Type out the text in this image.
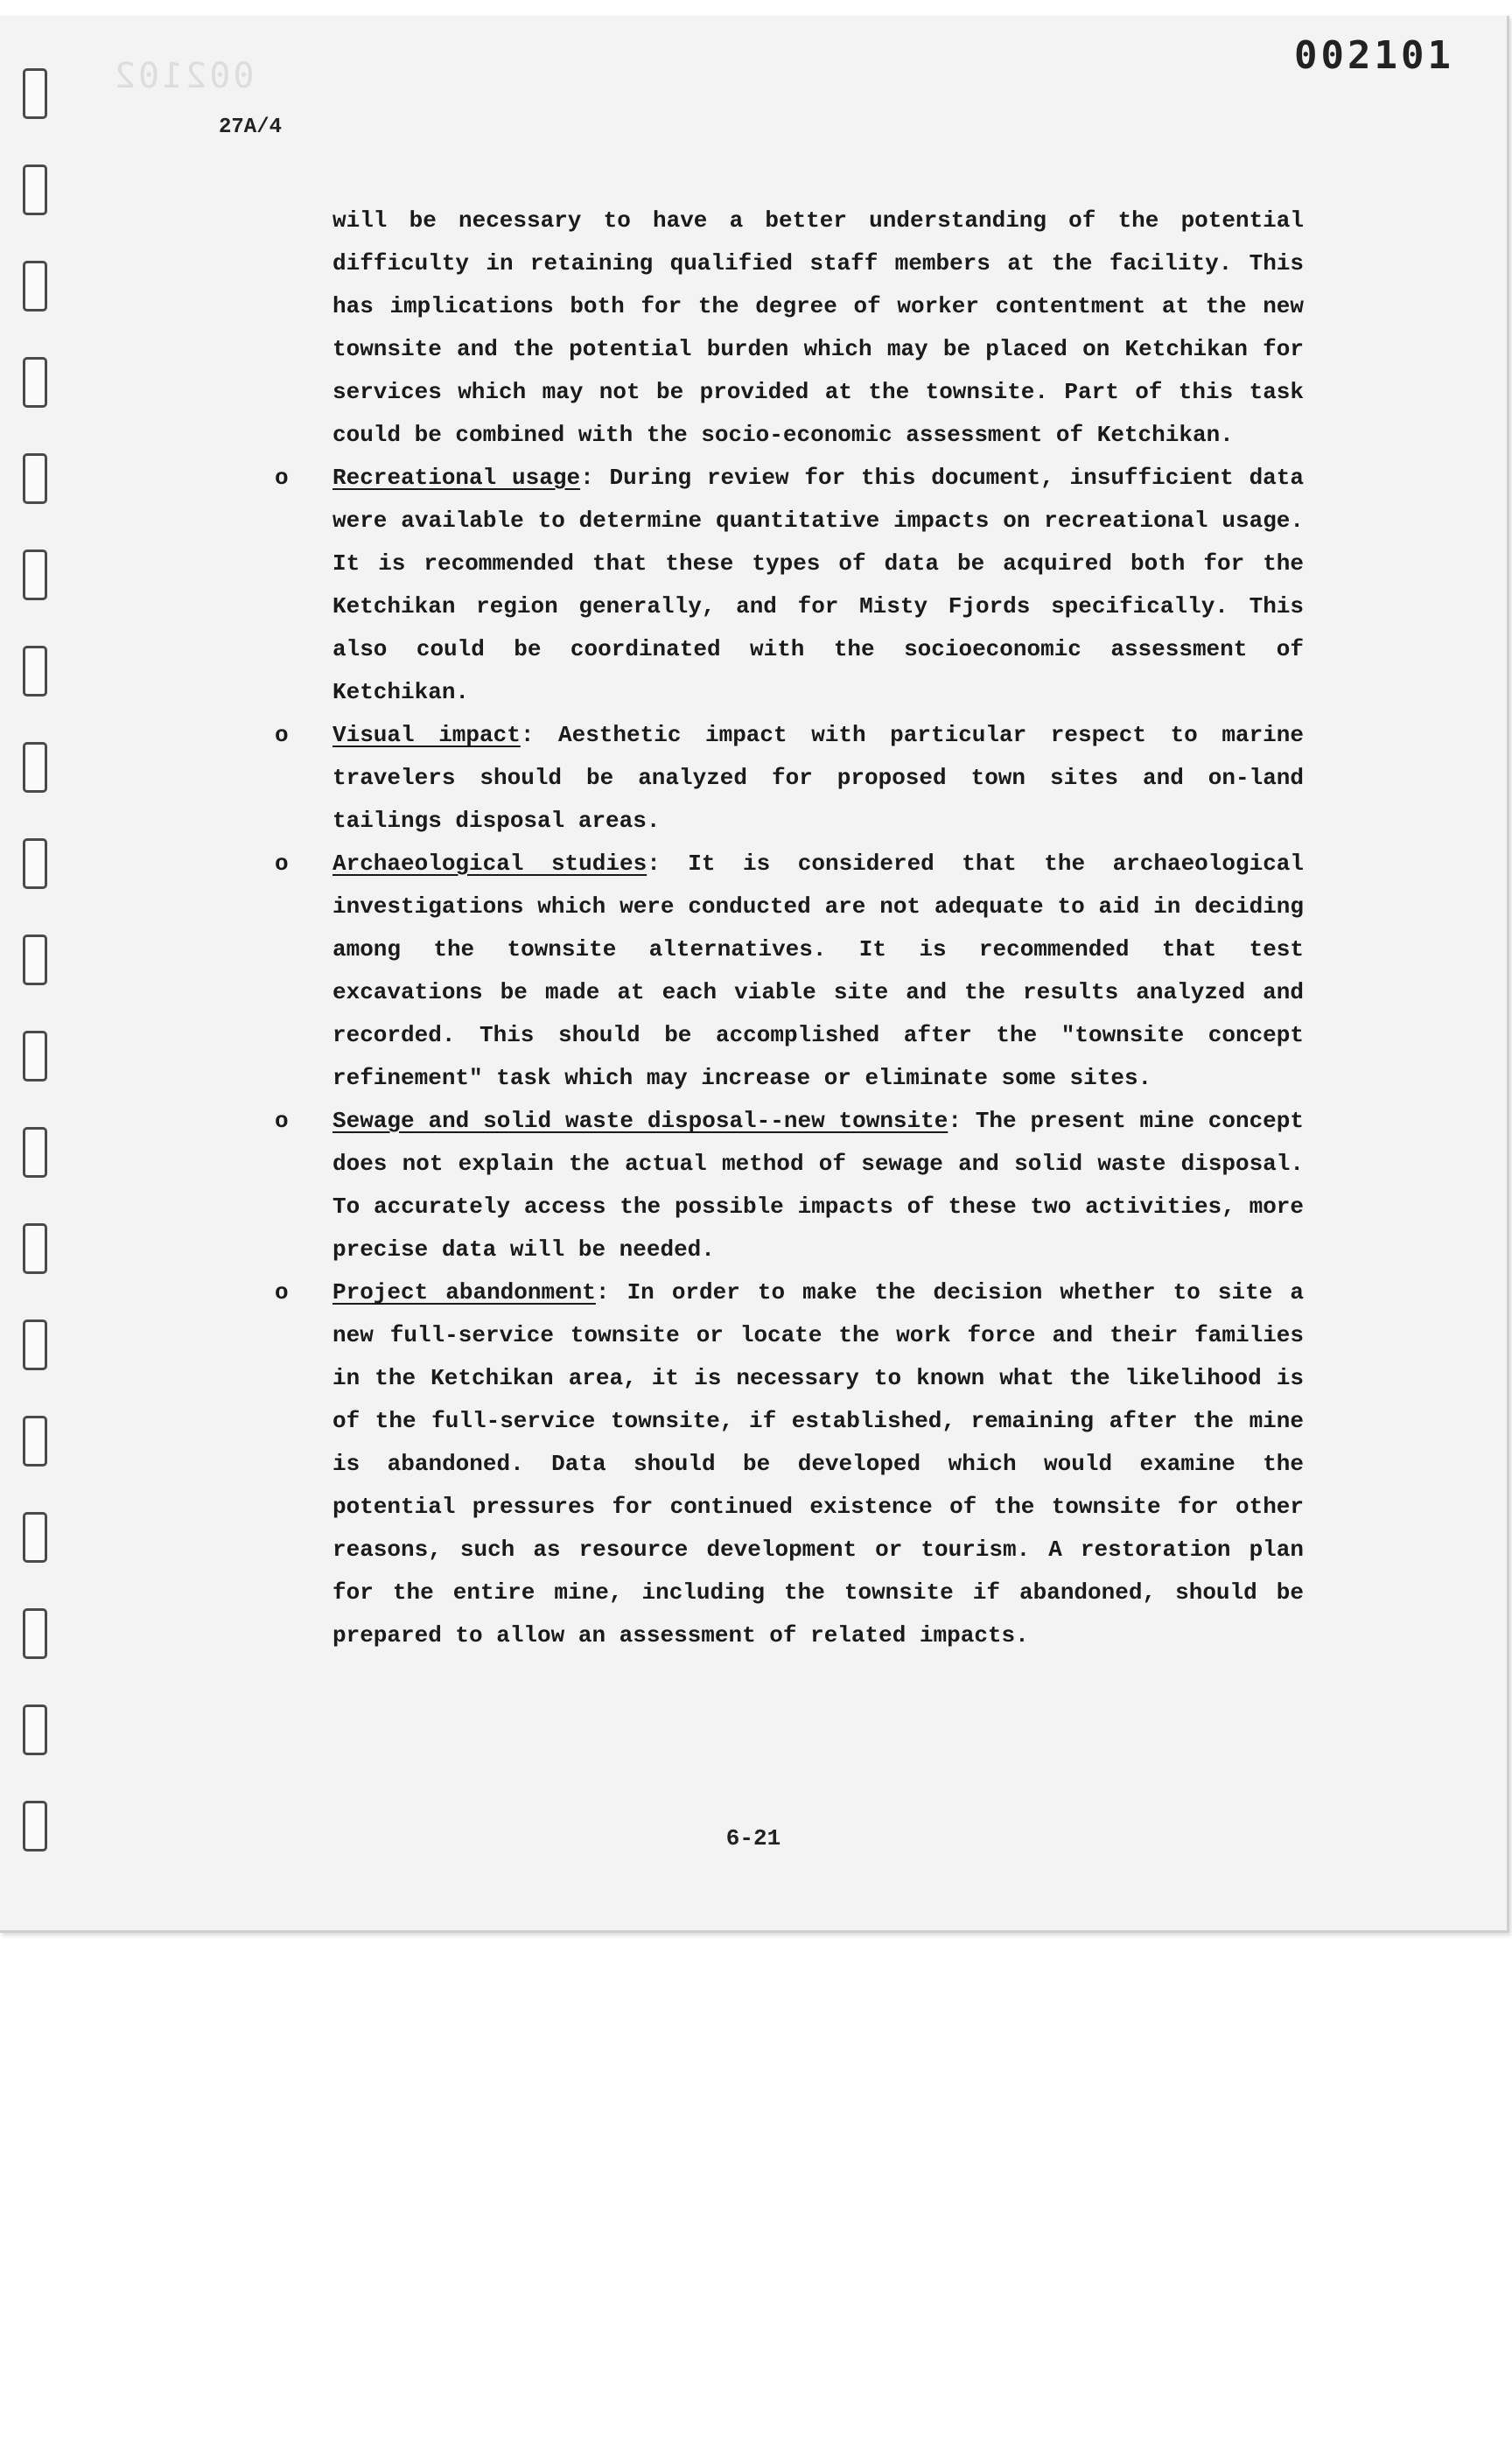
002102	002101
27A/4

will be necessary to have a better understanding of the potential difficulty in retaining qualified staff members at the facility. This has implications both for the degree of worker contentment at the new townsite and the potential burden which may be placed on Ketchikan for services which may not be provided at the townsite. Part of this task could be combined with the socio-economic assessment of Ketchikan.

o Recreational usage: During review for this document, insufficient data were available to determine quantitative impacts on recreational usage. It is recommended that these types of data be acquired both for the Ketchikan region generally, and for Misty Fjords specifically. This also could be coordinated with the socioeconomic assessment of Ketchikan.
o Visual impact: Aesthetic impact with particular respect to marine travelers should be analyzed for proposed town sites and on-land tailings disposal areas.
o Archaeological studies: It is considered that the archaeological investigations which were conducted are not adequate to aid in deciding among the townsite alternatives. It is recommended that test excavations be made at each viable site and the results analyzed and recorded. This should be accomplished after the "townsite concept refinement" task which may increase or eliminate some sites.
o Sewage and solid waste disposal--new townsite: The present mine concept does not explain the actual method of sewage and solid waste disposal. To accurately access the possible impacts of these two activities, more precise data will be needed.
o Project abandonment: In order to make the decision whether to site a new full-service townsite or locate the work force and their families in the Ketchikan area, it is necessary to known what the likelihood is of the full-service townsite, if established, remaining after the mine is abandoned. Data should be developed which would examine the potential pressures for continued existence of the townsite for other reasons, such as resource development or tourism. A restoration plan for the entire mine, including the townsite if abandoned, should be prepared to allow an assessment of related impacts.
6-21
